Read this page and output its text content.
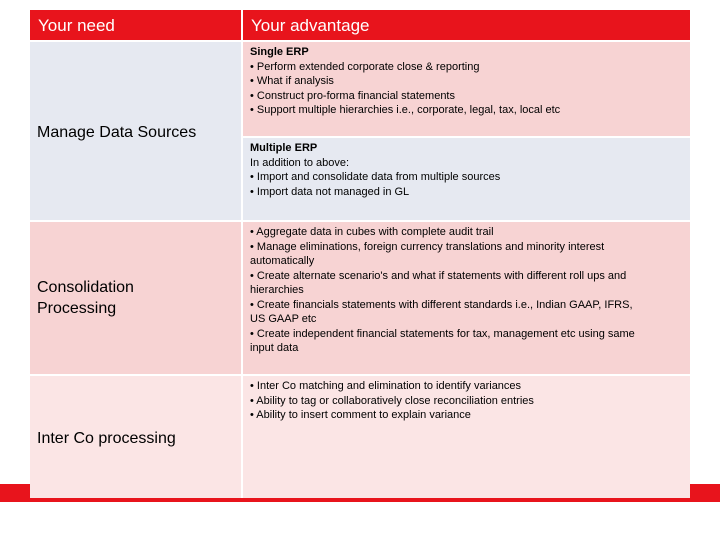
Your need	Your advantage
Manage Data Sources
Single ERP
• Perform extended corporate close & reporting
• What if analysis
• Construct pro-forma financial statements
• Support multiple hierarchies i.e., corporate, legal, tax, local etc
Multiple ERP
In addition to above:
• Import and consolidate data from multiple sources
• Import data not managed in GL
Consolidation
Processing
• Aggregate data in cubes with complete audit trail
• Manage eliminations, foreign currency translations and minority interest
automatically
• Create alternate scenario's and what if statements with different roll ups and
hierarchies
• Create financials statements with different standards i.e., Indian GAAP, IFRS,
US GAAP etc
• Create independent financial statements for tax, management etc using same
input data
Inter Co processing
• Inter Co matching and elimination to identify variances
• Ability to tag or collaboratively close reconciliation entries
• Ability to insert comment to explain variance
